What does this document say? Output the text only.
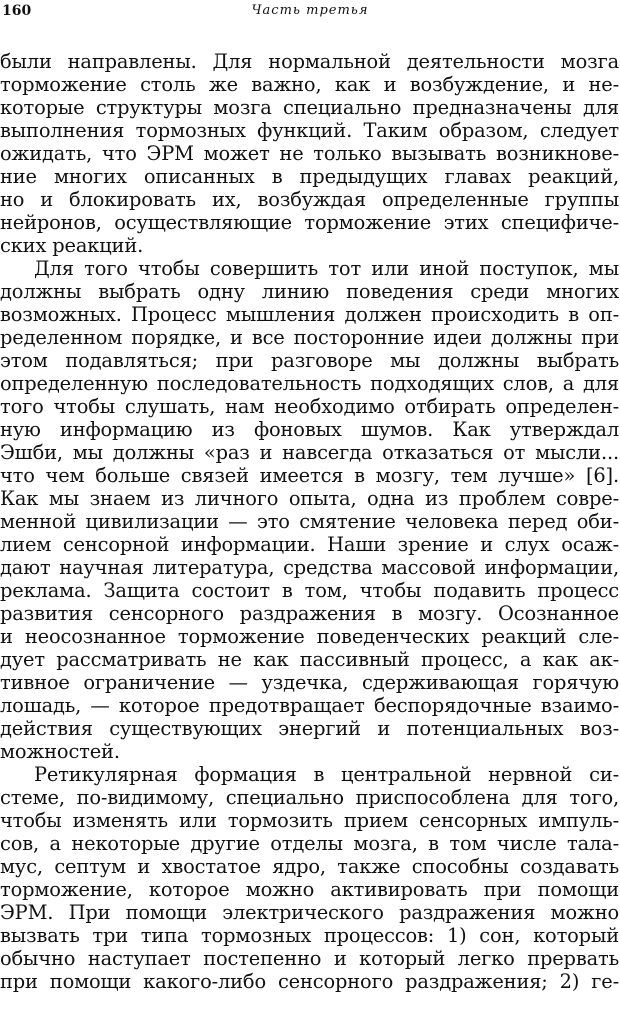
160	Часть третья
были направлены. Для нормальной деятельности мозга
торможение столь же важно, как и возбуждение, и не-
которые структуры мозга специально предназначены для
выполнения тормозных функций. Таким образом, следует
ожидать, что ЭРМ может не только вызывать возникнове-
ние многих описанных в предыдущих главах реакций,
но и блокировать их, возбуждая определенные группы
нейронов, осуществляющие торможение этих специфиче-
ских реакций.
Для того чтобы совершить тот или иной поступок, мы
должны выбрать одну линию поведения среди многих
возможных. Процесс мышления должен происходить в оп-
ределенном порядке, и все посторонние идеи должны при
этом подавляться; при разговоре мы должны выбрать
определенную последовательность подходящих слов, а для
того чтобы слушать, нам необходимо отбирать определен-
ную информацию из фоновых шумов. Как утверждал
Эшби, мы должны «раз и навсегда отказаться от мысли...
что чем больше связей имеется в мозгу, тем лучше» [6].
Как мы знаем из личного опыта, одна из проблем совре-
менной цивилизации — это смятение человека перед оби-
лием сенсорной информации. Наши зрение и слух осаж-
дают научная литература, средства массовой информации,
реклама. Защита состоит в том, чтобы подавить процесс
развития сенсорного раздражения в мозгу. Осознанное
и неосознанное торможение поведенческих реакций сле-
дует рассматривать не как пассивный процесс, а как ак-
тивное ограничение — уздечка, сдерживающая горячую
лошадь, — которое предотвращает беспорядочные взаимо-
действия существующих энергий и потенциальных воз-
можностей.
Ретикулярная формация в центральной нервной си-
стеме, по-видимому, специально приспособлена для того,
чтобы изменять или тормозить прием сенсорных импуль-
сов, а некоторые другие отделы мозга, в том числе тала-
мус, септум и хвостатое ядро, также способны создавать
торможение, которое можно активировать при помощи
ЭРМ. При помощи электрического раздражения можно
вызвать три типа тормозных процессов: 1) сон, который
обычно наступает постепенно и который легко прервать
при помощи какого-либо сенсорного раздражения; 2) ге-
